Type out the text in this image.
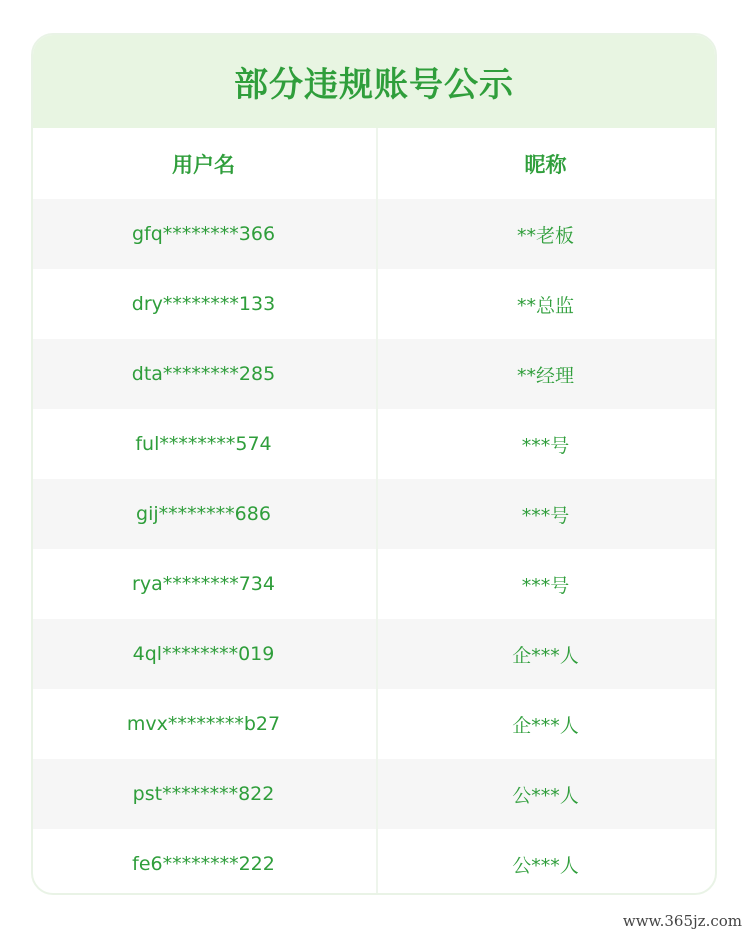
部分违规账号公示
用户名	昵称
gfq********366	**老板
dry********133	**总监
dta********285	**经理
ful********574	***号
gij********686	***号
rya********734	***号
4ql********019	企***人
mvx********b27	企***人
pst********822	公***人
fe6********222	公***人
www.365jz.com
